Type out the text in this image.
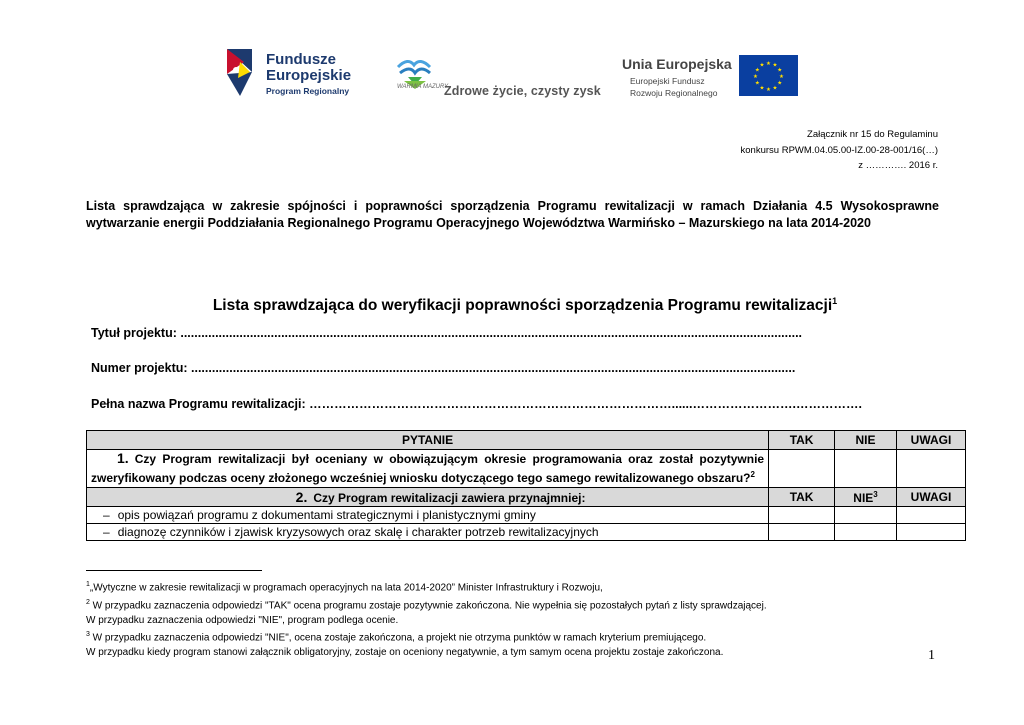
Fundusze
Europejskie
Program Regionalny	WARMIA MAZURY
Zdrowe życie, czysty zysk
Unia Europejska
Europejski Fundusz
Rozwoju Regionalnego
★ ★
★
★
★
★
★
★
★
★
★
★
Załącznik nr 15 do Regulaminu
konkursu RPWM.04.05.00-IZ.00-28-001/16(…)
z …………. 2016 r.
Lista sprawdzająca w zakresie spójności i poprawności sporządzenia Programu rewitalizacji w ramach Działania 4.5 Wysokosprawne wytwarzanie energii Poddziałania Regionalnego Programu Operacyjnego Województwa Warmińsko – Mazurskiego na lata 2014-2020
Lista sprawdzająca do weryfikacji poprawności sporządzenia Programu rewitalizacji$^1$
Tytuł projektu: ...................................................................................................................................................................................
Numer projektu: ..............................................................................................................................................................................
Pełna nazwa Programu rewitalizacji: ……………………………………………………………………………......…………………….…………….
PYTANIE	TAK	NIE	UWAGI
1. Czy Program rewitalizacji był oceniany w obowiązującym okresie programowania oraz został pozytywnie zweryfikowany podczas oceny złożonego wcześniej wniosku dotyczącego tego samego rewitalizowanego obszaru?$^2$			
2. Czy Program rewitalizacji zawiera przynajmniej:	TAK	NIE$^3$	UWAGI
– opis powiązań programu z dokumentami strategicznymi i planistycznymi gminy			
– diagnozę czynników i zjawisk kryzysowych oraz skalę i charakter potrzeb rewitalizacyjnych			
$^1$„Wytyczne w zakresie rewitalizacji w programach operacyjnych na lata 2014-2020” Minister Infrastruktury i Rozwoju,
$^2$ W przypadku zaznaczenia odpowiedzi "TAK" ocena programu zostaje pozytywnie zakończona. Nie wypełnia się pozostałych pytań z listy sprawdzającej.
W przypadku zaznaczenia odpowiedzi "NIE", program podlega ocenie.
$^3$ W przypadku zaznaczenia odpowiedzi "NIE", ocena zostaje zakończona, a projekt nie otrzyma punktów w ramach kryterium premiującego.
W przypadku kiedy program stanowi załącznik obligatoryjny, zostaje on oceniony negatywnie, a tym samym ocena projektu zostaje zakończona.	1
